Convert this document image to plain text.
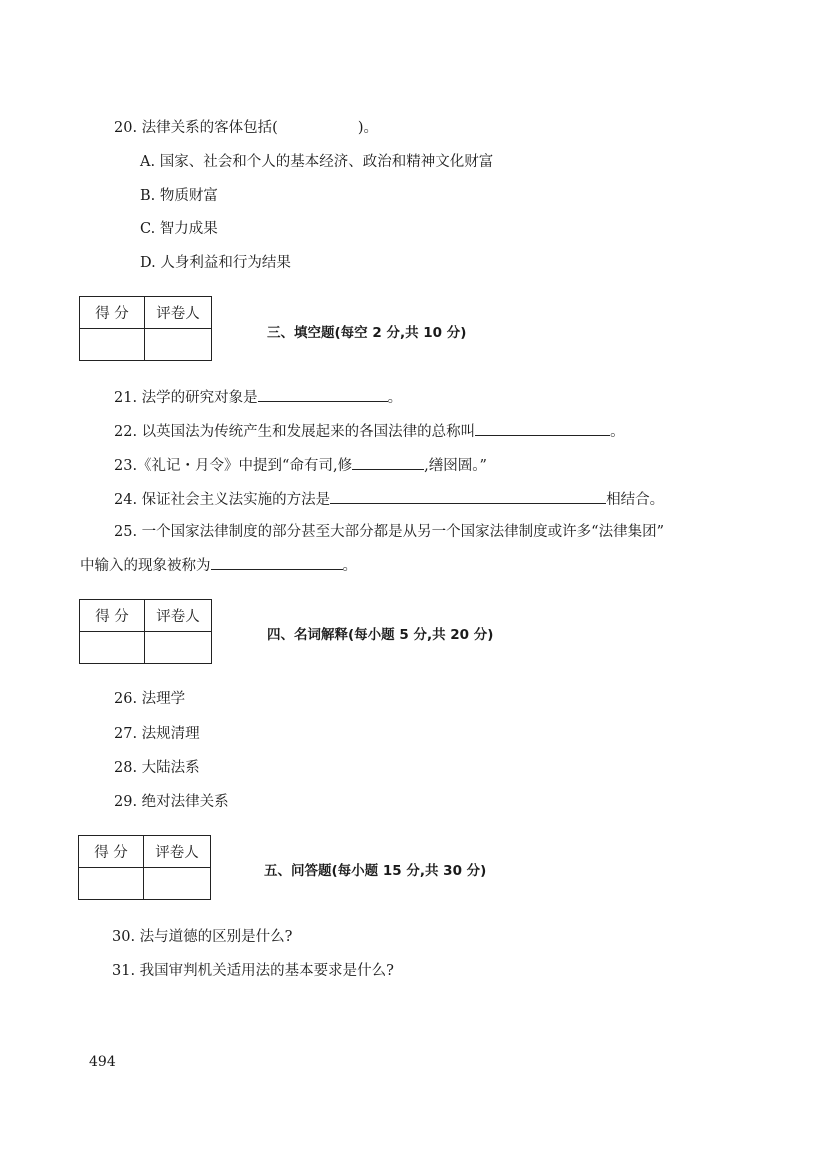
20. 法律关系的客体包括(	)。
A. 国家、社会和个人的基本经济、政治和精神文化财富
B. 物质财富
C. 智力成果
D. 人身利益和行为结果
得 分	评卷人

三、填空题(每空 2 分,共 10 分)
21. 法学的研究对象是	。
22. 以英国法为传统产生和发展起来的各国法律的总称叫	。
23.《礼记・月令》中提到“命有司,修	,缮囹圄。”
24. 保证社会主义法实施的方法是	相结合。
25. 一个国家法律制度的部分甚至大部分都是从另一个国家法律制度或许多“法律集团”
中输入的现象被称为	。
得 分	评卷人

四、名词解释(每小题 5 分,共 20 分)
26. 法理学
27. 法规清理
28. 大陆法系
29. 绝对法律关系
得 分	评卷人

五、问答题(每小题 15 分,共 30 分)
30. 法与道德的区别是什么?
31. 我国审判机关适用法的基本要求是什么?
494
